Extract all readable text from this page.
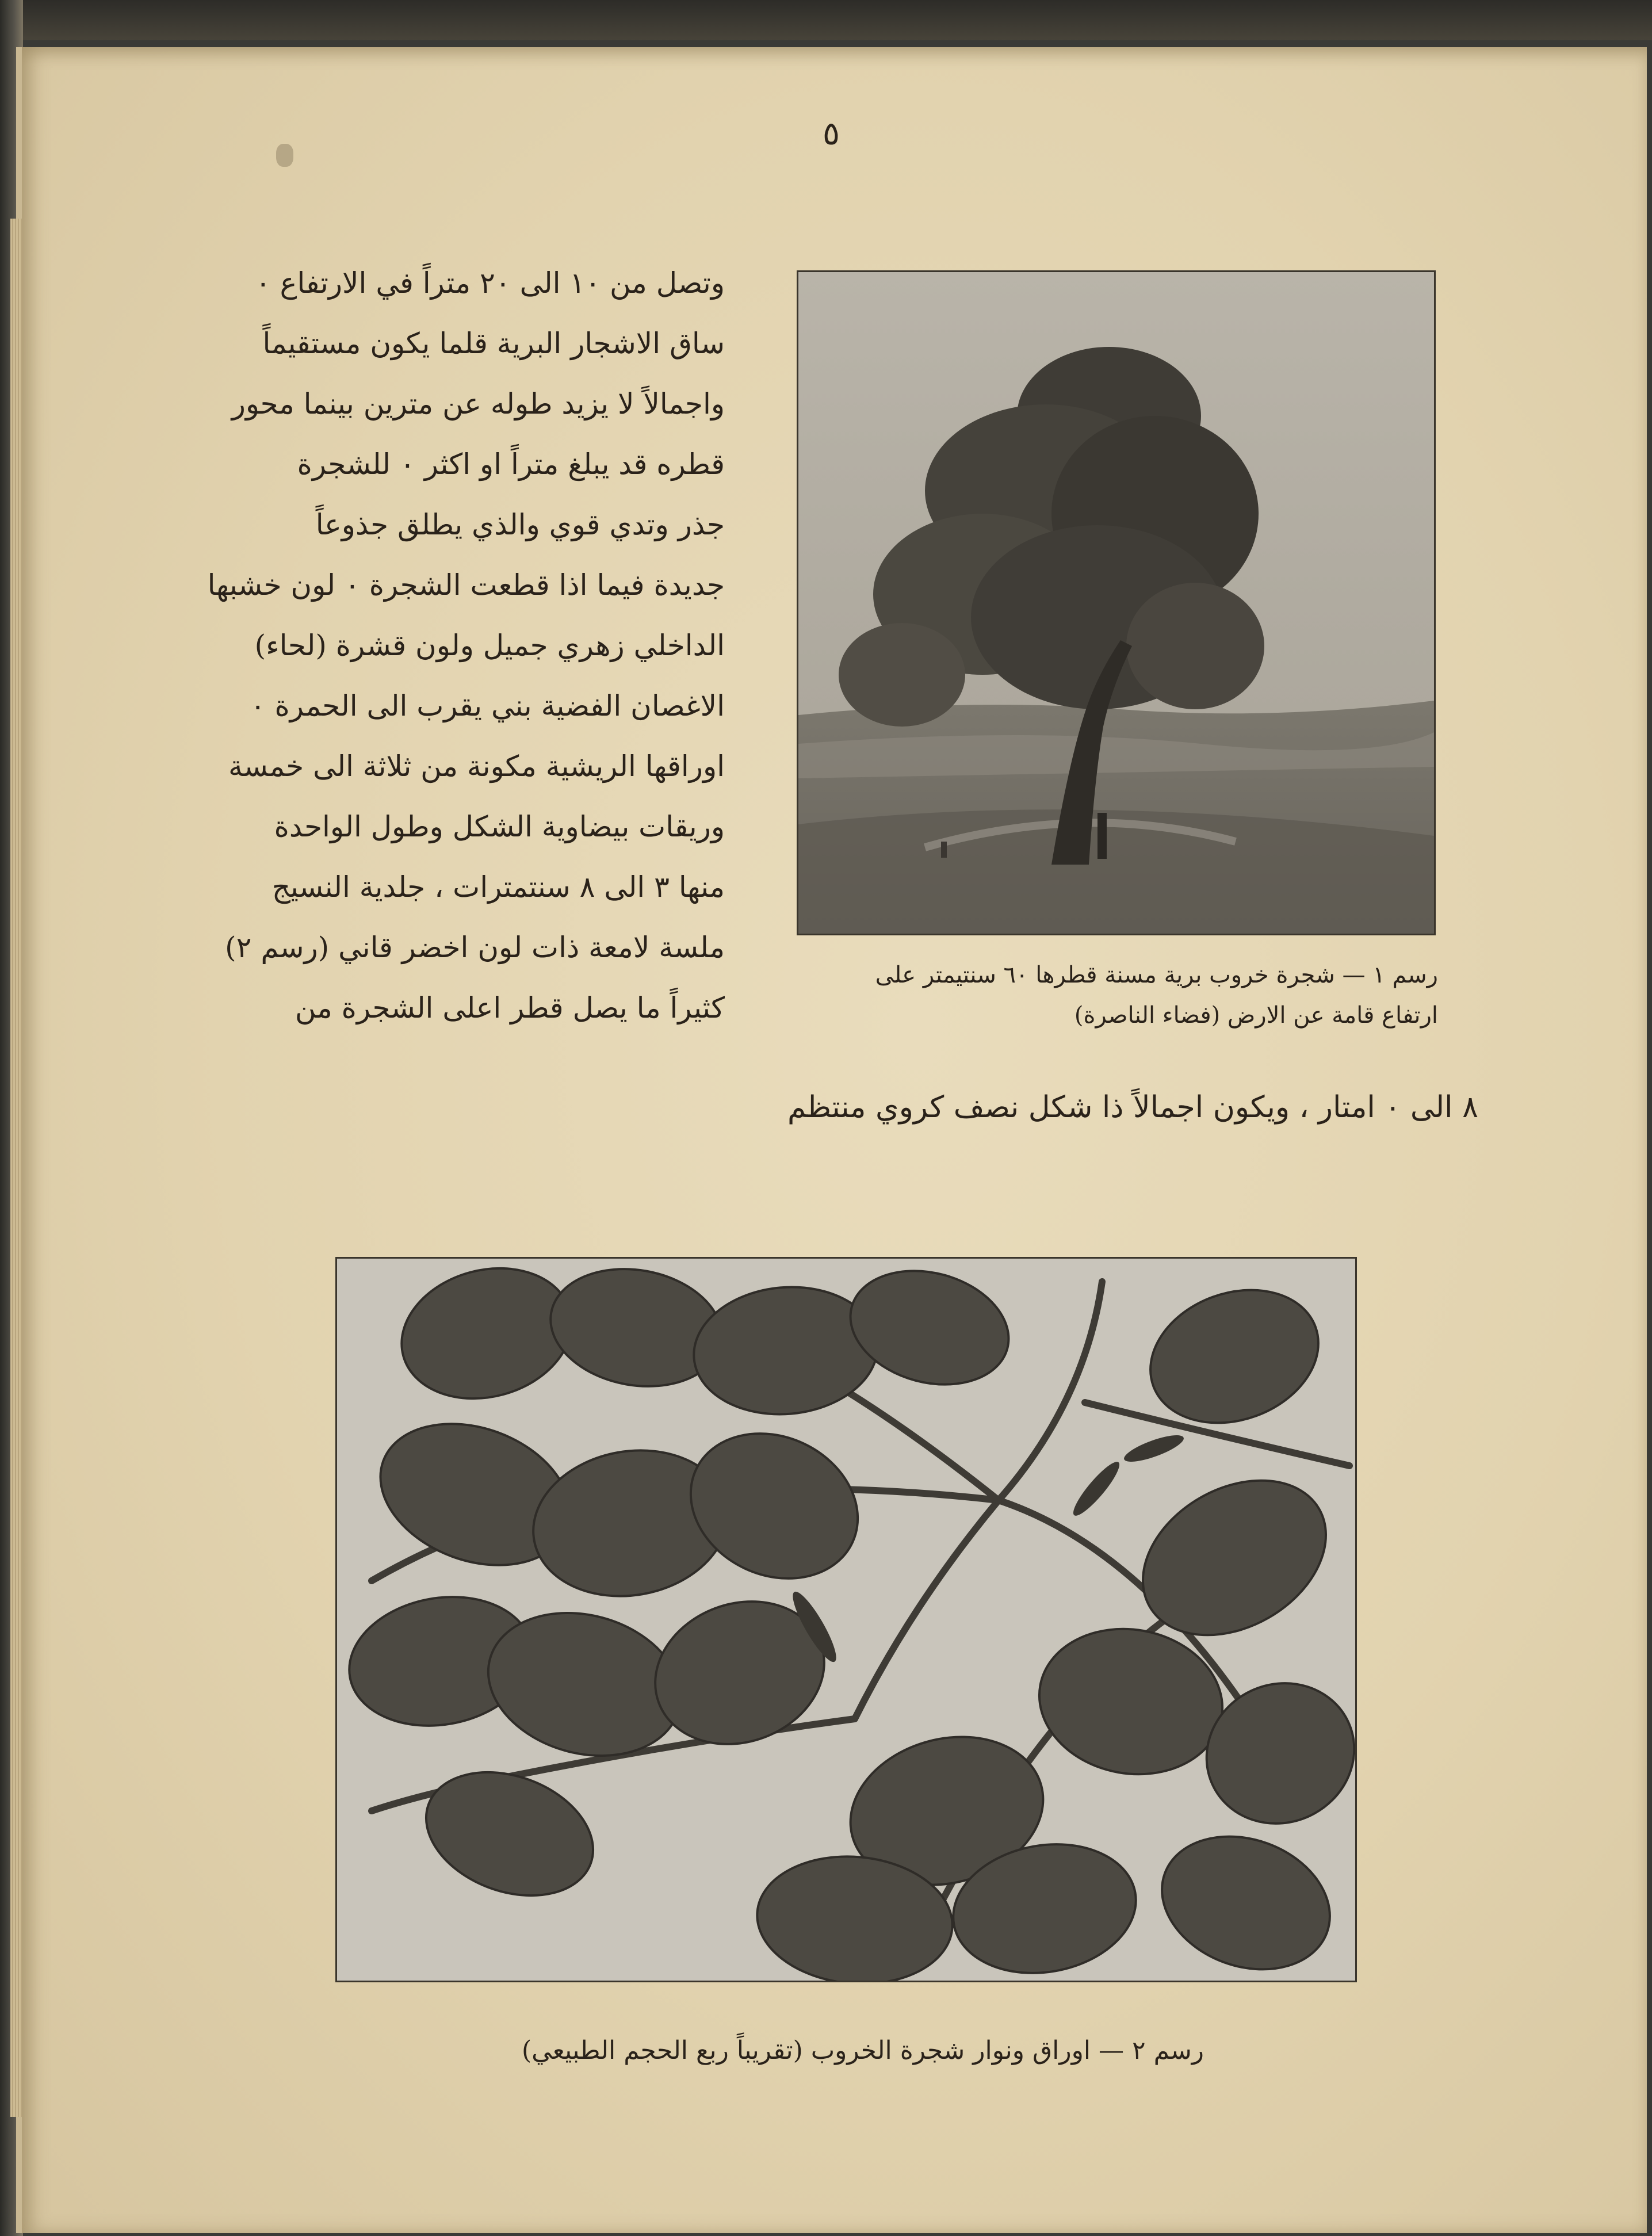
٥
وتصل من ١٠ الى ٢٠ متراً في الارتفاع ٠
ساق الاشجار البرية قلما يكون مستقيماً
واجمالاً لا يزيد طوله عن مترين بينما محور
قطره قد يبلغ متراً او اكثر ٠ للشجرة
جذر وتدي قوي والذي يطلق جذوعاً
جديدة فيما اذا قطعت الشجرة ٠ لون خشبها
الداخلي زهري جميل ولون قشرة (لحاء)
الاغصان الفضية بني يقرب الى الحمرة ٠
اوراقها الريشية مكونة من ثلاثة الى خمسة
وريقات بيضاوية الشكل وطول الواحدة
منها ٣ الى ٨ سنتمترات ، جلدية النسيج
ملسة لامعة ذات لون اخضر قاني (رسم ٢)
كثيراً ما يصل قطر اعلى الشجرة من
٨ الى ٠ امتار ، ويكون اجمالاً ذا شكل نصف كروي منتظم
رسم ١ — شجرة خروب برية مسنة قطرها ٦٠ سنتيمتر على
ارتفاع قامة عن الارض (فضاء الناصرة)
رسم ٢ — اوراق ونوار شجرة الخروب (تقريباً ربع الحجم الطبيعي)
